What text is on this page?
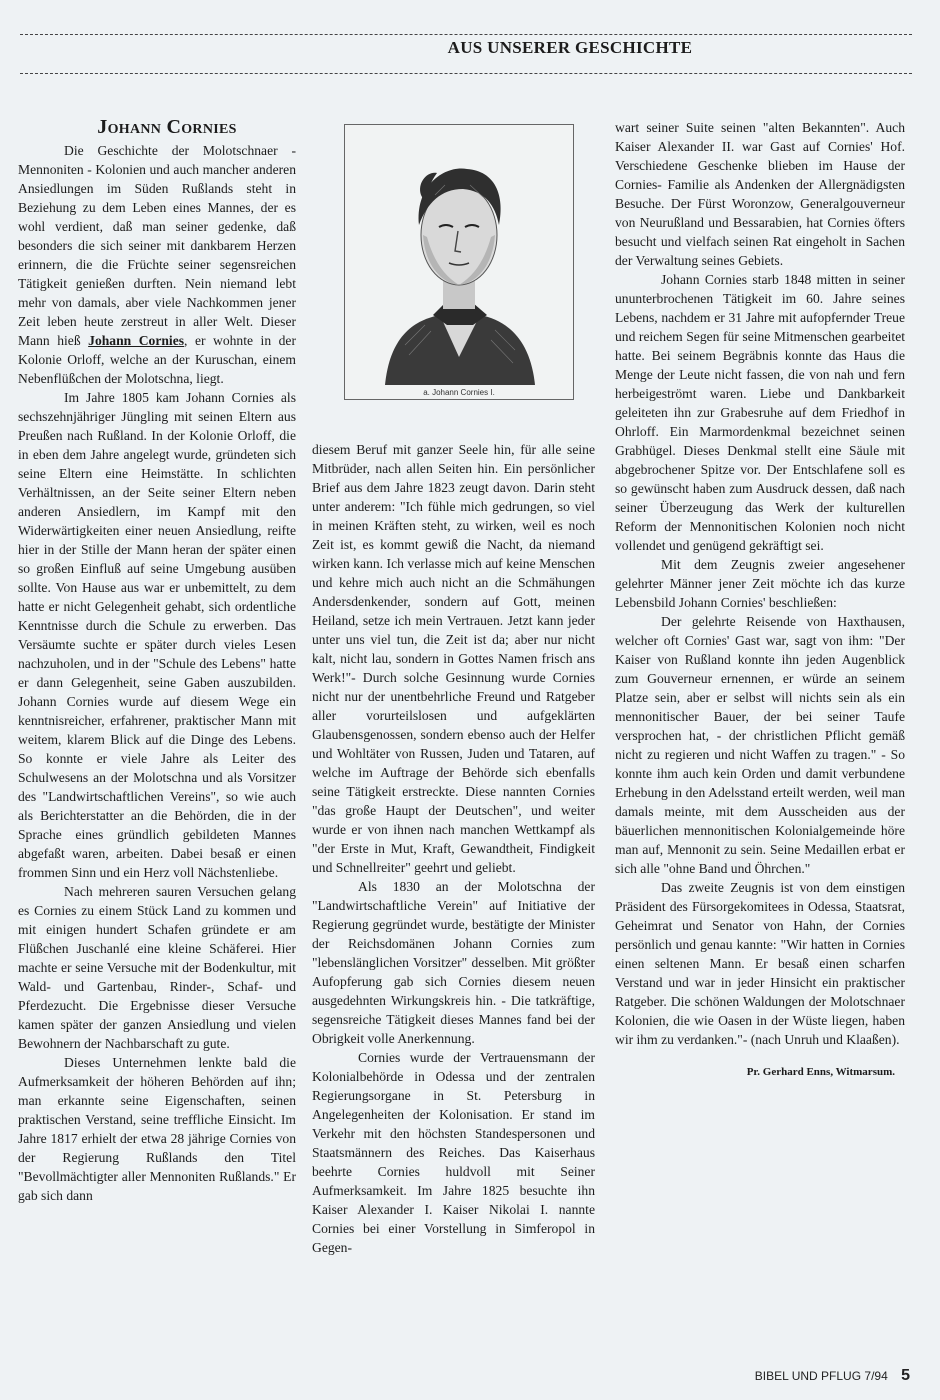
AUS UNSERER GESCHICHTE
Johann Cornies

Die Geschichte der Molotschnaer - Mennoniten - Kolonien und auch mancher anderen Ansiedlungen im Süden Rußlands steht in Beziehung zu dem Leben eines Mannes, der es wohl verdient, daß man seiner gedenke, daß besonders die sich seiner mit dankbarem Herzen erinnern, die die Früchte seiner segensreichen Tätigkeit genießen durften. Nein niemand lebt mehr von damals, aber viele Nachkommen jener Zeit leben heute zerstreut in aller Welt. Dieser Mann hieß Johann Cornies, er wohnte in der Kolonie Orloff, welche an der Kuruschan, einem Nebenflüßchen der Molotschna, liegt.

Im Jahre 1805 kam Johann Cornies als sechszehnjähriger Jüngling mit seinen Eltern aus Preußen nach Rußland. In der Kolonie Orloff, die in eben dem Jahre angelegt wurde, gründeten sich seine Eltern eine Heimstätte. In schlichten Verhältnissen, an der Seite seiner Eltern neben anderen Ansiedlern, im Kampf mit den Widerwärtigkeiten einer neuen Ansiedlung, reifte hier in der Stille der Mann heran der später einen so großen Einfluß auf seine Umgebung ausüben sollte. Von Hause aus war er unbemittelt, zu dem hatte er nicht Gelegenheit gehabt, sich ordentliche Kenntnisse durch die Schule zu erwerben. Das Versäumte suchte er später durch vieles Lesen nachzuholen, und in der "Schule des Lebens" hatte er dann Gelegenheit, seine Gaben auszubilden. Johann Cornies wurde auf diesem Wege ein kenntnisreicher, erfahrener, praktischer Mann mit weitem, klarem Blick auf die Dinge des Lebens. So konnte er viele Jahre als Leiter des Schulwesens an der Molotschna und als Vorsitzer des "Landwirtschaftlichen Vereins", so wie auch als Berichterstatter an die Behörden, die in der Sprache eines gründlich gebildeten Mannes abgefaßt waren, arbeiten. Dabei besaß er einen frommen Sinn und ein Herz voll Nächstenliebe.

Nach mehreren sauren Versuchen gelang es Cornies zu einem Stück Land zu kommen und mit einigen hundert Schafen gründete er am Flüßchen Juschanlé eine kleine Schäferei. Hier machte er seine Versuche mit der Bodenkultur, mit Wald- und Gartenbau, Rinder-, Schaf- und Pferdezucht. Die Ergebnisse dieser Versuche kamen später der ganzen Ansiedlung und vielen Bewohnern der Nachbarschaft zu gute.

Dieses Unternehmen lenkte bald die Aufmerksamkeit der höheren Behörden auf ihn; man erkannte seine Eigenschaften, seinen praktischen Verstand, seine treffliche Einsicht. Im Jahre 1817 erhielt der etwa 28 jährige Cornies von der Regierung Rußlands den Titel "Bevollmächtigter aller Mennoniten Rußlands." Er gab sich dann

a. Johann Cornies I.

diesem Beruf mit ganzer Seele hin, für alle seine Mitbrüder, nach allen Seiten hin. Ein persönlicher Brief aus dem Jahre 1823 zeugt davon. Darin steht unter anderem: "Ich fühle mich gedrungen, so viel in meinen Kräften steht, zu wirken, weil es noch Zeit ist, es kommt gewiß die Nacht, da niemand wirken kann. Ich verlasse mich auf keine Menschen und kehre mich auch nicht an die Schmähungen Andersdenkender, sondern auf Gott, meinen Heiland, setze ich mein Vertrauen. Jetzt kann jeder unter uns viel tun, die Zeit ist da; aber nur nicht kalt, nicht lau, sondern in Gottes Namen frisch ans Werk!"- Durch solche Gesinnung wurde Cornies nicht nur der unentbehrliche Freund und Ratgeber aller vorurteilslosen und aufgeklärten Glaubensgenossen, sondern ebenso auch der Helfer und Wohltäter von Russen, Juden und Tataren, auf welche im Auftrage der Behörde sich ebenfalls seine Tätigkeit erstreckte. Diese nannten Cornies "das große Haupt der Deutschen", und weiter wurde er von ihnen nach manchen Wettkampf als "der Erste in Mut, Kraft, Gewandtheit, Findigkeit und Schnellreiter" geehrt und geliebt.

Als 1830 an der Molotschna der "Landwirtschaftliche Verein" auf Initiative der Regierung gegründet wurde, bestätigte der Minister der Reichsdomänen Johann Cornies zum "lebenslänglichen Vorsitzer" desselben. Mit größter Aufopferung gab sich Cornies diesem neuen ausgedehnten Wirkungskreis hin. - Die tatkräftige, segensreiche Tätigkeit dieses Mannes fand bei der Obrigkeit volle Anerkennung.

Cornies wurde der Vertrauensmann der Kolonialbehörde in Odessa und der zentralen Regierungsorgane in St. Petersburg in Angelegenheiten der Kolonisation. Er stand im Verkehr mit den höchsten Standespersonen und Staatsmännern des Reiches. Das Kaiserhaus beehrte Cornies huldvoll mit Seiner Aufmerksamkeit. Im Jahre 1825 besuchte ihn Kaiser Alexander I. Kaiser Nikolai I. nannte Cornies bei einer Vorstellung in Simferopol in Gegen-

wart seiner Suite seinen "alten Bekannten". Auch Kaiser Alexander II. war Gast auf Cornies' Hof. Verschiedene Geschenke blieben im Hause der Cornies- Familie als Andenken der Allergnädigsten Besuche. Der Fürst Woronzow, Generalgouverneur von Neurußland und Bessarabien, hat Cornies öfters besucht und vielfach seinen Rat eingeholt in Sachen der Verwaltung seines Gebiets.

Johann Cornies starb 1848 mitten in seiner ununterbrochenen Tätigkeit im 60. Jahre seines Lebens, nachdem er 31 Jahre mit aufopfernder Treue und reichem Segen für seine Mitmenschen gearbeitet hatte. Bei seinem Begräbnis konnte das Haus die Menge der Leute nicht fassen, die von nah und fern herbeigeströmt waren. Liebe und Dankbarkeit geleiteten ihn zur Grabesruhe auf dem Friedhof in Ohrloff. Ein Marmordenkmal bezeichnet seinen Grabhügel. Dieses Denkmal stellt eine Säule mit abgebrochener Spitze vor. Der Entschlafene soll es so gewünscht haben zum Ausdruck dessen, daß nach seiner Überzeugung das Werk der kulturellen Reform der Mennonitischen Kolonien noch nicht vollendet und genügend gekräftigt sei.

Mit dem Zeugnis zweier angesehener gelehrter Männer jener Zeit möchte ich das kurze Lebensbild Johann Cornies' beschließen:

Der gelehrte Reisende von Haxthausen, welcher oft Cornies' Gast war, sagt von ihm: "Der Kaiser von Rußland konnte ihn jeden Augenblick zum Gouverneur ernennen, er würde an seinem Platze sein, aber er selbst will nichts sein als ein mennonitischer Bauer, der bei seiner Taufe versprochen hat, - der christlichen Pflicht gemäß nicht zu regieren und nicht Waffen zu tragen." - So konnte ihm auch kein Orden und damit verbundene Erhebung in den Adelsstand erteilt werden, weil man damals meinte, mit dem Ausscheiden aus der bäuerlichen mennonitischen Kolonialgemeinde höre man auf, Mennonit zu sein. Seine Medaillen erbat er sich alle "ohne Band und Öhrchen."

Das zweite Zeugnis ist von dem einstigen Präsident des Fürsorgekomitees in Odessa, Staatsrat, Geheimrat und Senator von Hahn, der Cornies persönlich und genau kannte: "Wir hatten in Cornies einen seltenen Mann. Er besaß einen scharfen Verstand und war in jeder Hinsicht ein praktischer Ratgeber. Die schönen Waldungen der Molotschnaer Kolonien, die wie Oasen in der Wüste liegen, haben wir ihm zu verdanken."- (nach Unruh und Klaaßen).

Pr. Gerhard Enns, Witmarsum.
BIBEL UND PFLUG 7/94 5
